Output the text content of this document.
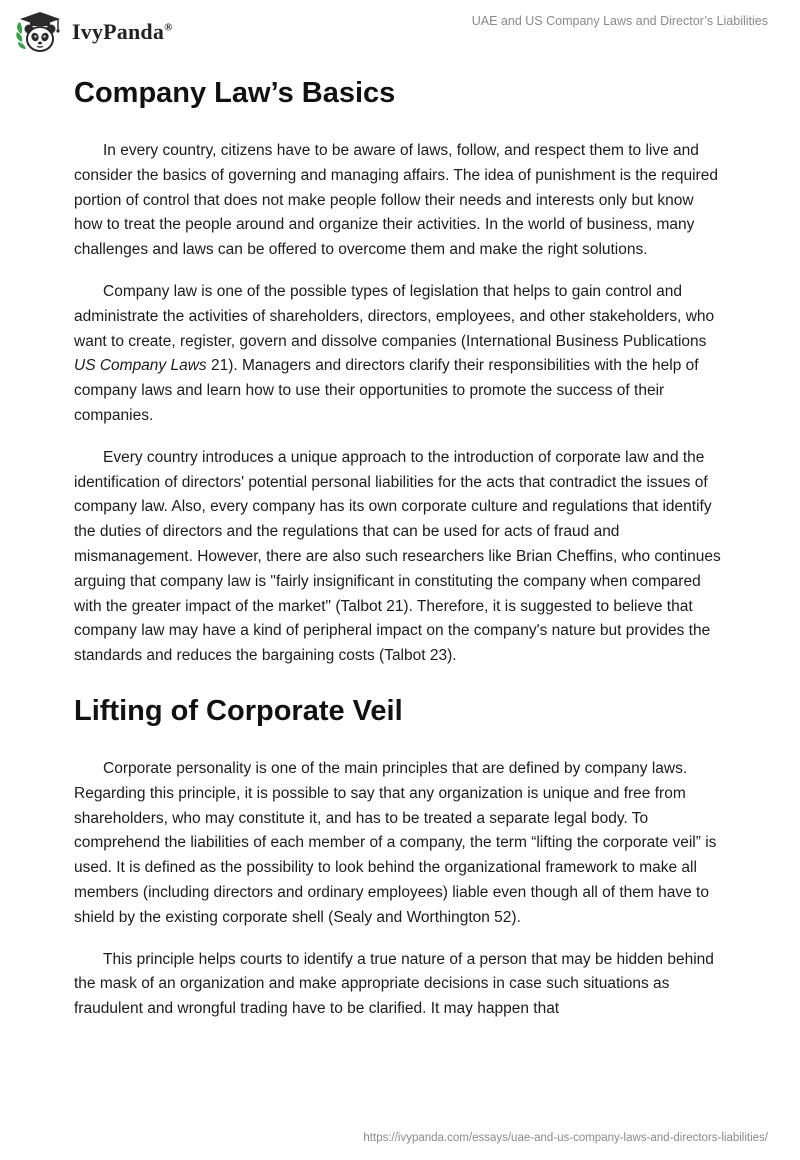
IvyPanda®	UAE and US Company Laws and Director’s Liabilities
Company Law’s Basics

In every country, citizens have to be aware of laws, follow, and respect them to live and consider the basics of governing and managing affairs. The idea of punishment is the required portion of control that does not make people follow their needs and interests only but know how to treat the people around and organize their activities. In the world of business, many challenges and laws can be offered to overcome them and make the right solutions.

Company law is one of the possible types of legislation that helps to gain control and administrate the activities of shareholders, directors, employees, and other stakeholders, who want to create, register, govern and dissolve companies (International Business Publications US Company Laws 21). Managers and directors clarify their responsibilities with the help of company laws and learn how to use their opportunities to promote the success of their companies.

Every country introduces a unique approach to the introduction of corporate law and the identification of directors' potential personal liabilities for the acts that contradict the issues of company law. Also, every company has its own corporate culture and regulations that identify the duties of directors and the regulations that can be used for acts of fraud and mismanagement. However, there are also such researchers like Brian Cheffins, who continues arguing that company law is "fairly insignificant in constituting the company when compared with the greater impact of the market" (Talbot 21). Therefore, it is suggested to believe that company law may have a kind of peripheral impact on the company's nature but provides the standards and reduces the bargaining costs (Talbot 23).

Lifting of Corporate Veil

Corporate personality is one of the main principles that are defined by company laws. Regarding this principle, it is possible to say that any organization is unique and free from shareholders, who may constitute it, and has to be treated a separate legal body. To comprehend the liabilities of each member of a company, the term “lifting the corporate veil” is used. It is defined as the possibility to look behind the organizational framework to make all members (including directors and ordinary employees) liable even though all of them have to shield by the existing corporate shell (Sealy and Worthington 52).

This principle helps courts to identify a true nature of a person that may be hidden behind the mask of an organization and make appropriate decisions in case such situations as fraudulent and wrongful trading have to be clarified. It may happen that

https://ivypanda.com/essays/uae-and-us-company-laws-and-directors-liabilities/
